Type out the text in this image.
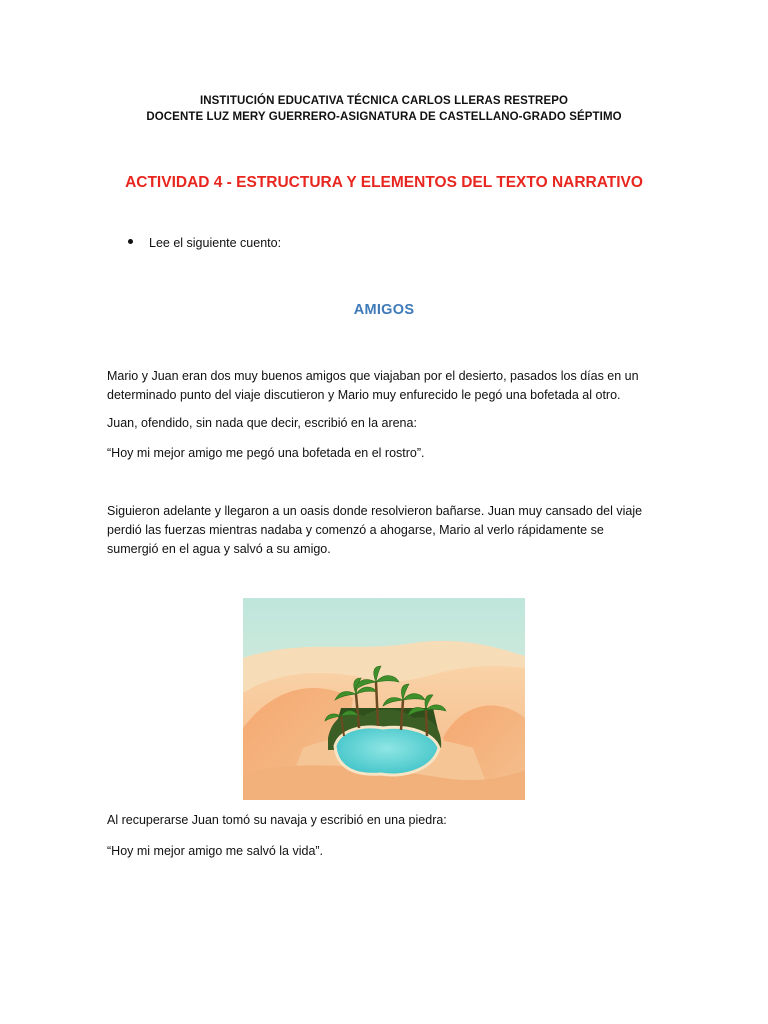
INSTITUCIÓN EDUCATIVA TÉCNICA CARLOS LLERAS RESTREPO

DOCENTE LUZ MERY GUERRERO-ASIGNATURA DE CASTELLANO-GRADO SÉPTIMO

ACTIVIDAD 4 - ESTRUCTURA Y ELEMENTOS DEL TEXTO NARRATIVO

Lee el siguiente cuento:

AMIGOS

Mario y Juan eran dos muy buenos amigos que viajaban por el desierto, pasados los días en un determinado punto del viaje discutieron y Mario muy enfurecido le pegó una bofetada al otro.

Juan, ofendido, sin nada que decir, escribió en la arena:

“Hoy mi mejor amigo me pegó una bofetada en el rostro”.

Siguieron adelante y llegaron a un oasis donde resolvieron bañarse. Juan muy cansado del viaje perdió las fuerzas mientras nadaba y comenzó a ahogarse, Mario al verlo rápidamente se sumergió en el agua y salvó a su amigo.

Al recuperarse Juan tomó su navaja y escribió en una piedra:

“Hoy mi mejor amigo me salvó la vida”.
